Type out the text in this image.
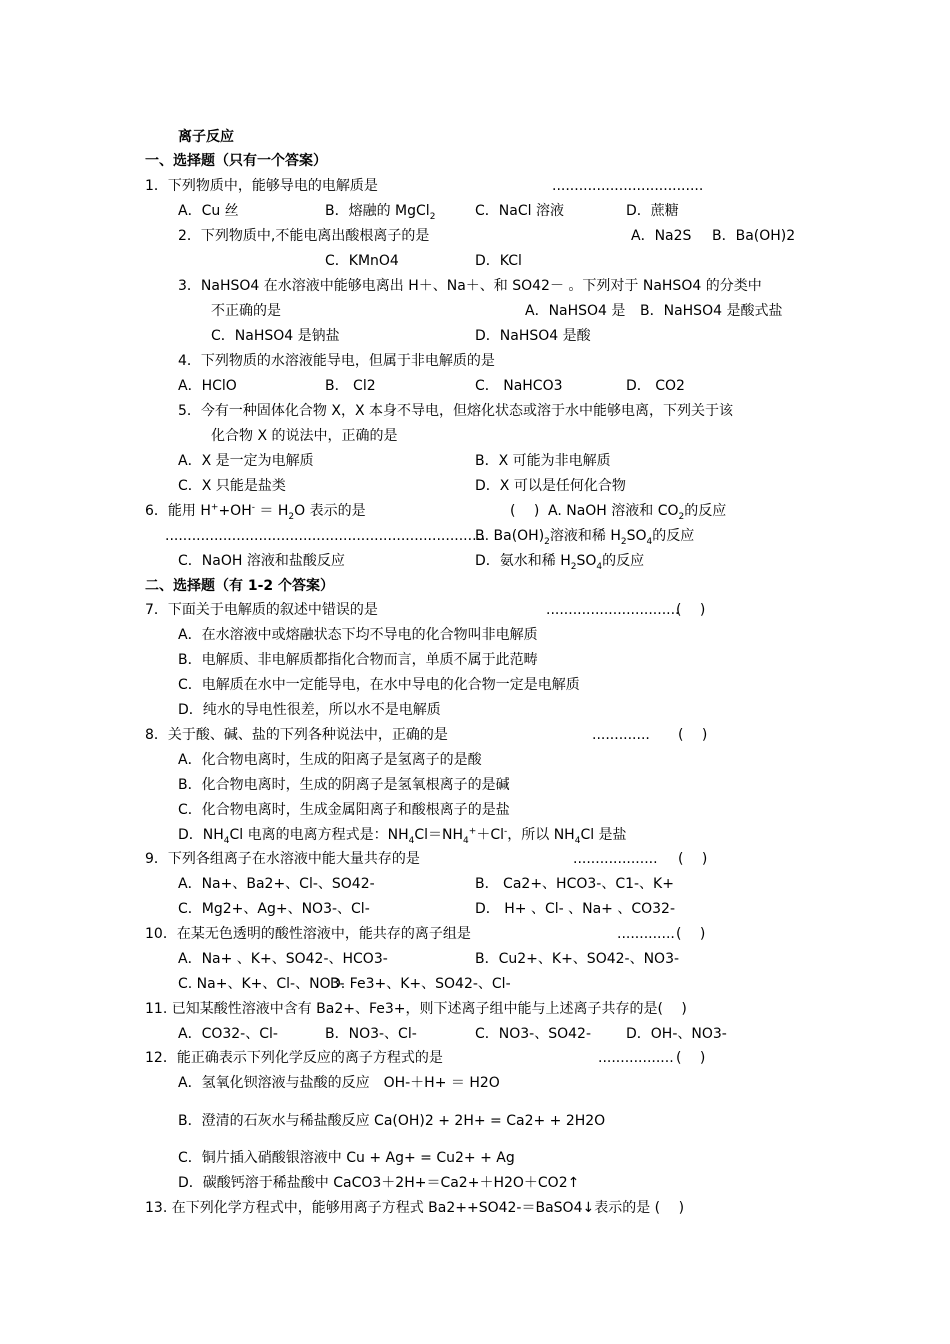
离子反应
一、选择题（只有一个答案）
1．下列物质中，能够导电的电解质是	..................................
A．Cu 丝	B．熔融的 MgCl$_2$	C．NaCl 溶液	D．蔗糖
2．下列物质中,不能电离出酸根离子的是	A．Na2S B．Ba(OH)2
C．KMnO4	D．KCl
3．NaHSO4 在水溶液中能够电离出 H＋、Na＋、和 SO42－ 。下列对于 NaHSO4 的分类中
不正确的是	A．NaHSO4 是 B．NaHSO4 是酸式盐
C．NaHSO4 是钠盐	D．NaHSO4 是酸
4．下列物质的水溶液能导电，但属于非电解质的是
A．HClO	B． Cl2	C． NaHCO3	D． CO2
5．今有一种固体化合物 X，X 本身不导电，但熔化状态或溶于水中能够电离，下列关于该
化合物 X 的说法中，正确的是
A．X 是一定为电解质	B．X 可能为非电解质
C．X 只能是盐类	D．X 可以是任何化合物
6．能用 $H^++OH^- = H_2O$ 表示的是	(　 ) A. NaOH 溶液和 $CO_2$的反应
........................................................................
B. $Ba(OH)_2$溶液和稀 $H_2SO_4$的反应
C．NaOH 溶液和盐酸反应	D．氨水和稀 $H_2SO_4$的反应
二、选择题（有 1-2 个答案）
7．下面关于电解质的叙述中错误的是	..............................
(　 )
A．在水溶液中或熔融状态下均不导电的化合物叫非电解质
B．电解质、非电解质都指化合物而言，单质不属于此范畴
C．电解质在水中一定能导电，在水中导电的化合物一定是电解质
D．纯水的导电性很差，所以水不是电解质
8．关于酸、碱、盐的下列各种说法中，正确的是	............. (　 )
A．化合物电离时，生成的阳离子是氢离子的是酸
B．化合物电离时，生成的阴离子是氢氧根离子的是碱
C．化合物电离时，生成金属阳离子和酸根离子的是盐
D．$NH_4Cl$ 电离的电离方程式是：$NH_4Cl=NH_4^++Cl^-$，所以 $NH_4Cl$ 是盐
9．下列各组离子在水溶液中能大量共存的是	................... (　 )
A．Na+、Ba2+、Cl-、SO42-	B． Ca2+、HCO3-、C1-、K+
C．Mg2+、Ag+、NO3-、Cl-	D． H+ 、Cl- 、Na+ 、CO32-
10．在某无色透明的酸性溶液中，能共存的离子组是	............. (　 )
A．Na+ 、K+、SO42-、HCO3-	B．Cu2+、K+、SO42-、NO3-
C. Na+、K+、Cl-、NO3-
D. Fe3+、K+、SO42-、Cl-
11. 已知某酸性溶液中含有 Ba2+、Fe3+，则下述离子组中能与上述离子共存的是(　 )
A．CO32-、Cl-	B．NO3-、Cl-	C．NO3-、SO42-	D．OH-、NO3-
12．能正确表示下列化学反应的离子方程式的是	................. (　 )
A．氢氧化钡溶液与盐酸的反应　OH-＋H+ ＝ H2O
B．澄清的石灰水与稀盐酸反应 Ca(OH)2 + 2H+ = Ca2+ + 2H2O
C．铜片插入硝酸银溶液中 Cu + Ag+ = Cu2+ + Ag
D．碳酸钙溶于稀盐酸中 CaCO3＋2H+＝Ca2+＋H2O＋CO2↑
13. 在下列化学方程式中，能够用离子方程式 Ba2++SO42-＝BaSO4↓表示的是 (　 )
